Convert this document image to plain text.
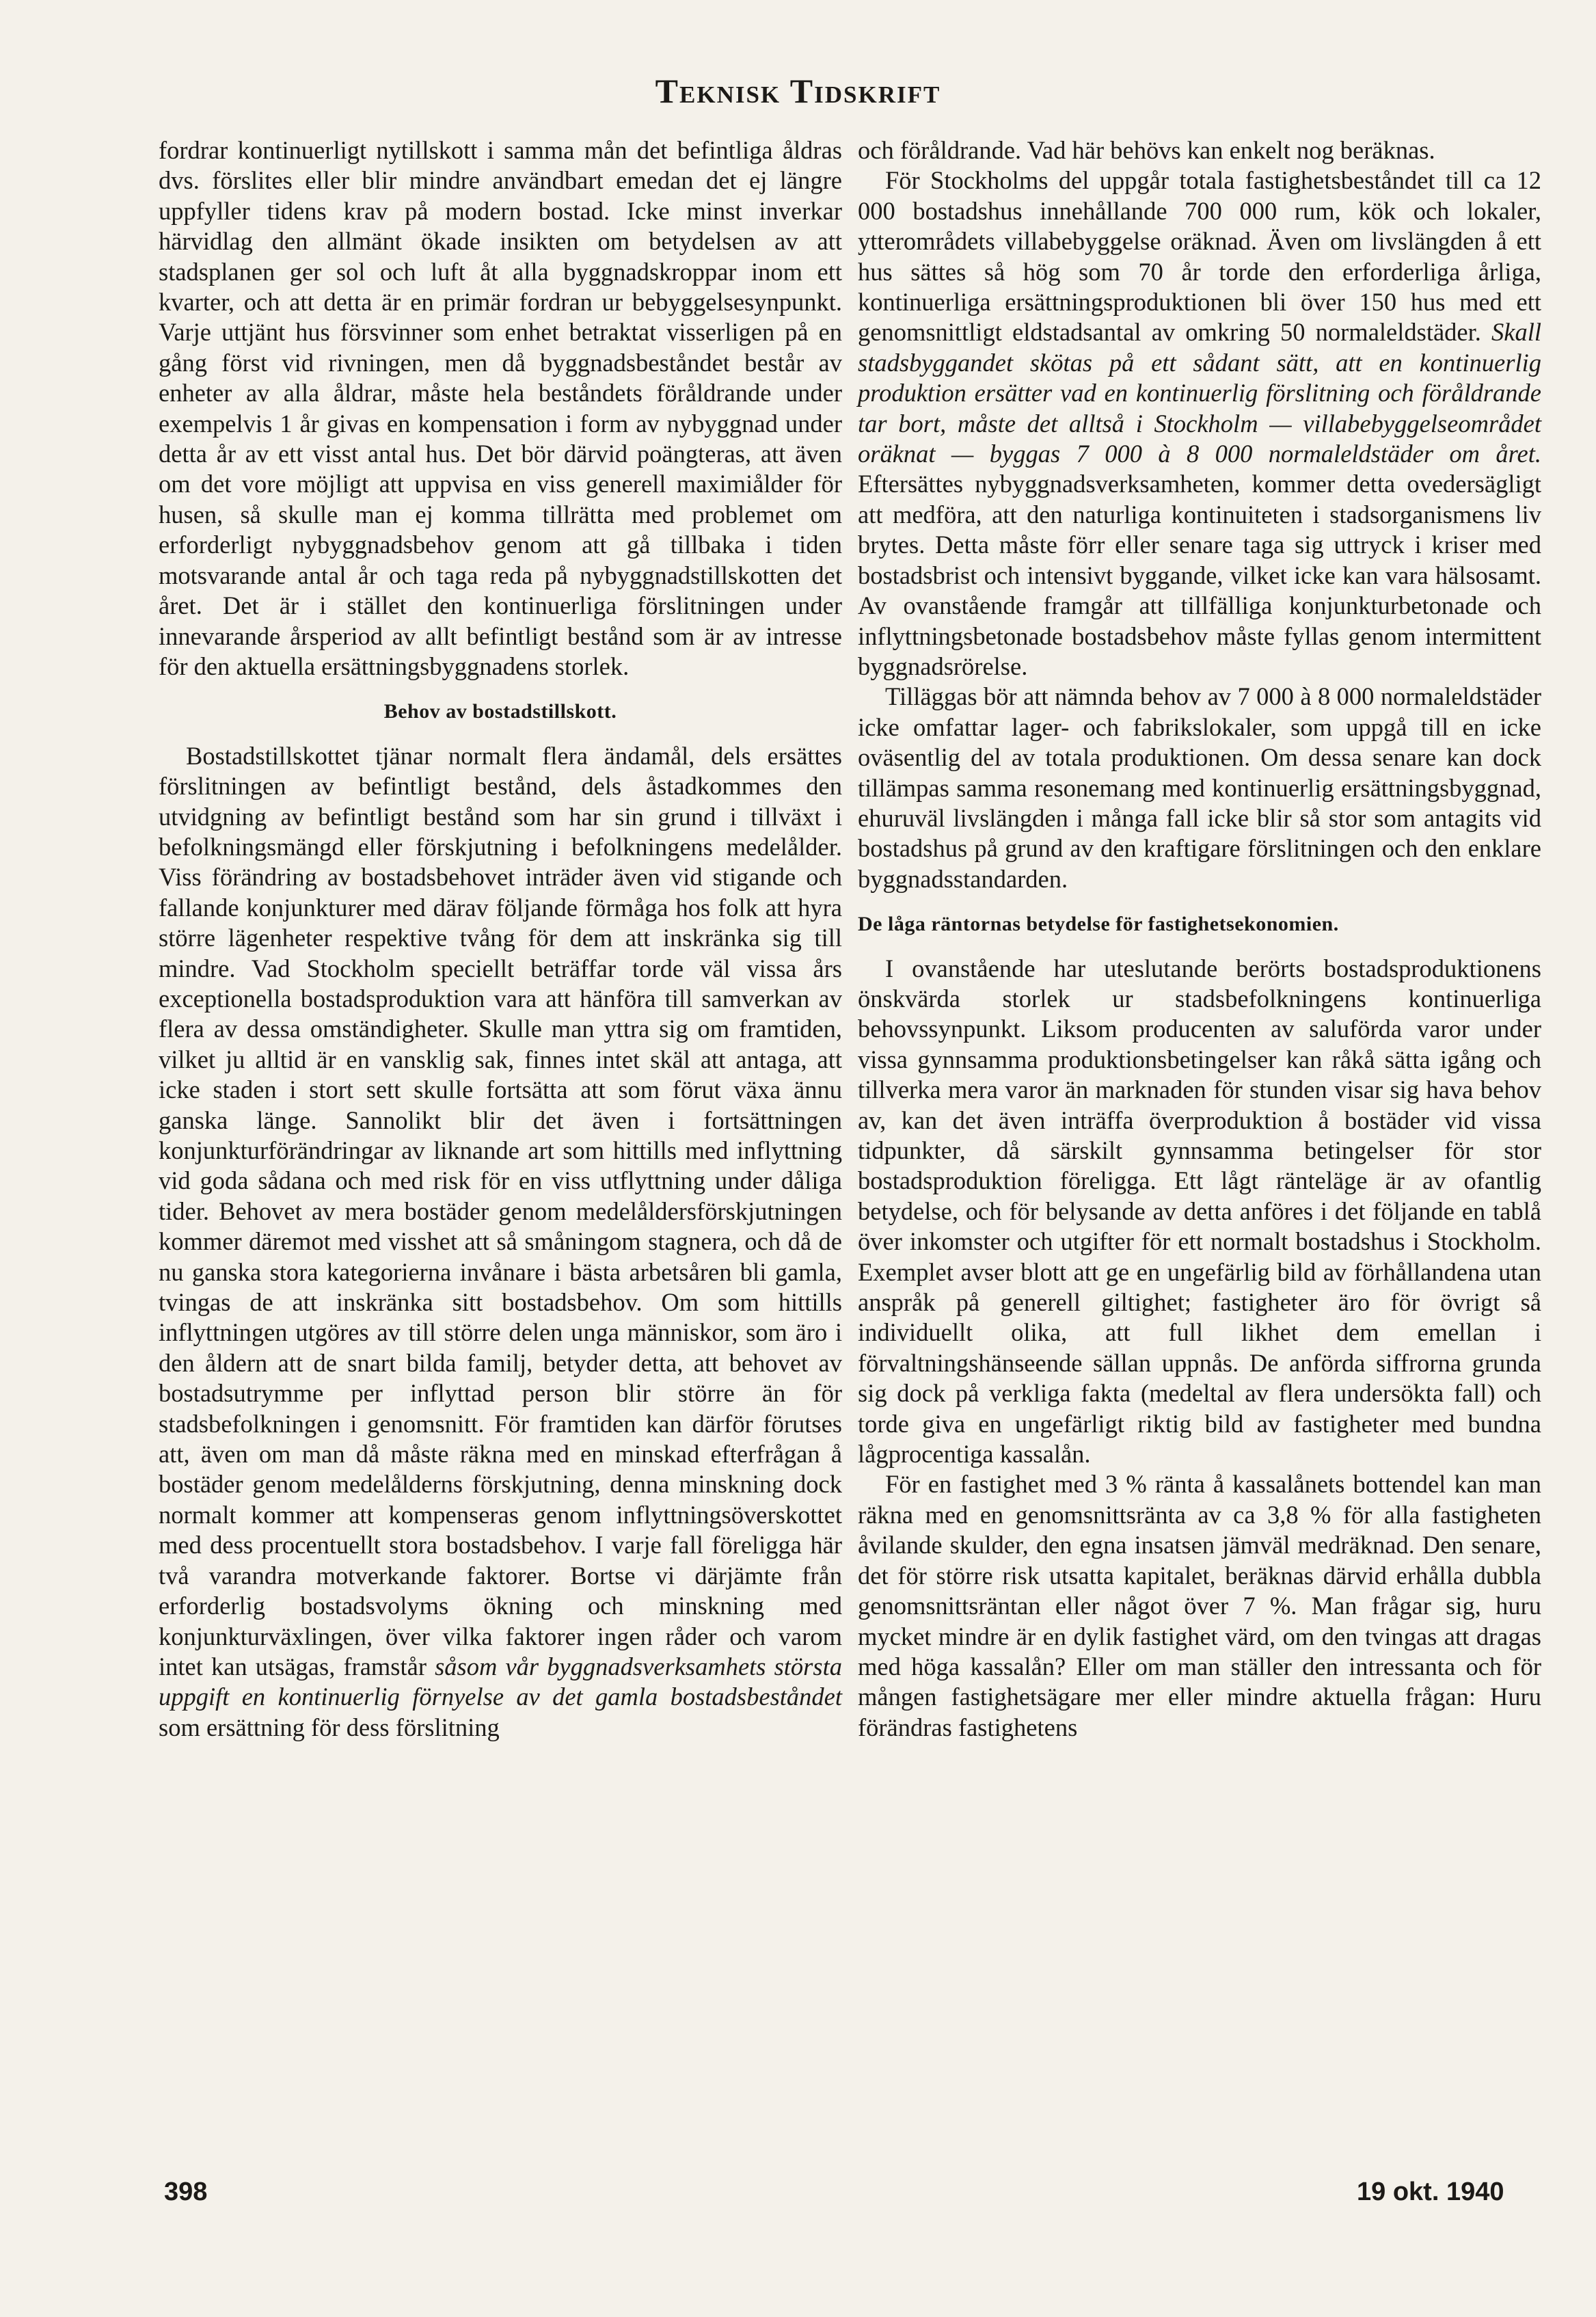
Teknisk Tidskrift

fordrar kontinuerligt nytillskott i samma mån det befintliga åldras dvs. förslites eller blir mindre användbart emedan det ej längre uppfyller tidens krav på modern bostad. Icke minst inverkar härvidlag den allmänt ökade insikten om betydelsen av att stadsplanen ger sol och luft åt alla byggnadskroppar inom ett kvarter, och att detta är en primär fordran ur bebyggelsesynpunkt. Varje uttjänt hus försvinner som enhet betraktat visserligen på en gång först vid rivningen, men då byggnadsbeståndet består av enheter av alla åldrar, måste hela beståndets föråldrande under exempelvis 1 år givas en kompensation i form av nybyggnad under detta år av ett visst antal hus. Det bör därvid poängteras, att även om det vore möjligt att uppvisa en viss generell maximiålder för husen, så skulle man ej komma tillrätta med problemet om erforderligt nybyggnadsbehov genom att gå tillbaka i tiden motsvarande antal år och taga reda på nybyggnadstillskotten det året. Det är i stället den kontinuerliga förslitningen under innevarande årsperiod av allt befintligt bestånd som är av intresse för den aktuella ersättningsbyggnadens storlek.

Behov av bostadstillskott.

Bostadstillskottet tjänar normalt flera ändamål, dels ersättes förslitningen av befintligt bestånd, dels åstadkommes den utvidgning av befintligt bestånd som har sin grund i tillväxt i befolkningsmängd eller förskjutning i befolkningens medelålder. Viss förändring av bostadsbehovet inträder även vid stigande och fallande konjunkturer med därav följande förmåga hos folk att hyra större lägenheter respektive tvång för dem att inskränka sig till mindre. Vad Stockholm speciellt beträffar torde väl vissa års exceptionella bostadsproduktion vara att hänföra till samverkan av flera av dessa omständigheter. Skulle man yttra sig om framtiden, vilket ju alltid är en vansklig sak, finnes intet skäl att antaga, att icke staden i stort sett skulle fortsätta att som förut växa ännu ganska länge. Sannolikt blir det även i fortsättningen konjunkturförändringar av liknande art som hittills med inflyttning vid goda sådana och med risk för en viss utflyttning under dåliga tider. Behovet av mera bostäder genom medelåldersförskjutningen kommer däremot med visshet att så småningom stagnera, och då de nu ganska stora kategorierna invånare i bästa arbetsåren bli gamla, tvingas de att inskränka sitt bostadsbehov. Om som hittills inflyttningen utgöres av till större delen unga människor, som äro i den åldern att de snart bilda familj, betyder detta, att behovet av bostadsutrymme per inflyttad person blir större än för stadsbefolkningen i genomsnitt. För framtiden kan därför förutses att, även om man då måste räkna med en minskad efterfrågan å bostäder genom medelålderns förskjutning, denna minskning dock normalt kommer att kompenseras genom inflyttningsöverskottet med dess procentuellt stora bostadsbehov. I varje fall föreligga här två varandra motverkande faktorer. Bortse vi därjämte från erforderlig bostadsvolyms ökning och minskning med konjunkturväxlingen, över vilka faktorer ingen råder och varom intet kan utsägas, framstår såsom vår byggnadsverksamhets största uppgift en kontinuerlig förnyelse av det gamla bostadsbeståndet som ersättning för dess förslitning

och föråldrande. Vad här behövs kan enkelt nog beräknas.

För Stockholms del uppgår totala fastighetsbeståndet till ca 12 000 bostadshus innehållande 700 000 rum, kök och lokaler, ytterområdets villabebyggelse oräknad. Även om livslängden å ett hus sättes så hög som 70 år torde den erforderliga årliga, kontinuerliga ersättningsproduktionen bli över 150 hus med ett genomsnittligt eldstadsantal av omkring 50 normaleldstäder. Skall stadsbyggandet skötas på ett sådant sätt, att en kontinuerlig produktion ersätter vad en kontinuerlig förslitning och föråldrande tar bort, måste det alltså i Stockholm — villabebyggelseområdet oräknat — byggas 7 000 à 8 000 normaleldstäder om året. Eftersättes nybyggnadsverksamheten, kommer detta ovedersägligt att medföra, att den naturliga kontinuiteten i stadsorganismens liv brytes. Detta måste förr eller senare taga sig uttryck i kriser med bostadsbrist och intensivt byggande, vilket icke kan vara hälsosamt. Av ovanstående framgår att tillfälliga konjunkturbetonade och inflyttningsbetonade bostadsbehov måste fyllas genom intermittent byggnadsrörelse.

Tilläggas bör att nämnda behov av 7 000 à 8 000 normaleldstäder icke omfattar lager- och fabrikslokaler, som uppgå till en icke oväsentlig del av totala produktionen. Om dessa senare kan dock tillämpas samma resonemang med kontinuerlig ersättningsbyggnad, ehuruväl livslängden i många fall icke blir så stor som antagits vid bostadshus på grund av den kraftigare förslitningen och den enklare byggnadsstandarden.

De låga räntornas betydelse för fastighetsekonomien.

I ovanstående har uteslutande berörts bostadsproduktionens önskvärda storlek ur stadsbefolkningens kontinuerliga behovssynpunkt. Liksom producenten av saluförda varor under vissa gynnsamma produktionsbetingelser kan råkå sätta igång och tillverka mera varor än marknaden för stunden visar sig hava behov av, kan det även inträffa överproduktion å bostäder vid vissa tidpunkter, då särskilt gynnsamma betingelser för stor bostadsproduktion föreligga. Ett lågt ränteläge är av ofantlig betydelse, och för belysande av detta anföres i det följande en tablå över inkomster och utgifter för ett normalt bostadshus i Stockholm. Exemplet avser blott att ge en ungefärlig bild av förhållandena utan anspråk på generell giltighet; fastigheter äro för övrigt så individuellt olika, att full likhet dem emellan i förvaltningshänseende sällan uppnås. De anförda siffrorna grunda sig dock på verkliga fakta (medeltal av flera undersökta fall) och torde giva en ungefärligt riktig bild av fastigheter med bundna lågprocentiga kassalån.

För en fastighet med 3 % ränta å kassalånets bottendel kan man räkna med en genomsnittsränta av ca 3,8 % för alla fastigheten åvilande skulder, den egna insatsen jämväl medräknad. Den senare, det för större risk utsatta kapitalet, beräknas därvid erhålla dubbla genomsnittsräntan eller något över 7 %. Man frågar sig, huru mycket mindre är en dylik fastighet värd, om den tvingas att dragas med höga kassalån? Eller om man ställer den intressanta och för mången fastighetsägare mer eller mindre aktuella frågan: Huru förändras fastighetens

398	19 okt. 1940
